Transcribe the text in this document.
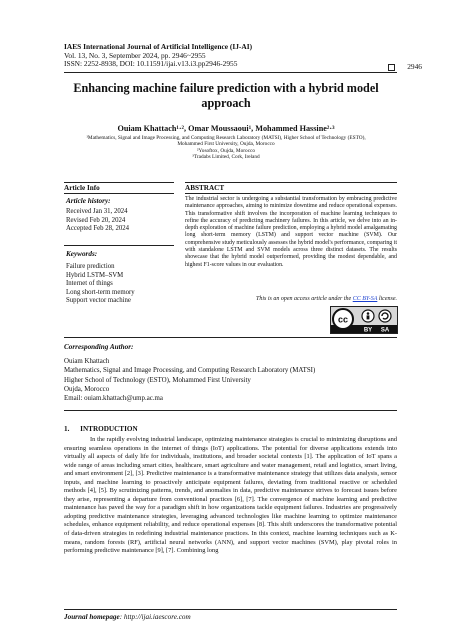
IAES International Journal of Artificial Intelligence (IJ-AI)
Vol. 13, No. 3, September 2024, pp. 2946~2955
ISSN: 2252-8938, DOI: 10.11591/ijai.v13.i3.pp2946-2955	2946
Enhancing machine failure prediction with a hybrid model
approach
Ouiam Khattach¹·², Omar Moussaoui¹, Mohammed Hassine²·³
¹Mathematics, Signal and Image Processing, and Computing Research Laboratory (MATSI), Higher School of Technology (ESTO),
Mohammed First University, Oujda, Morocco
²Yosoftox, Oujda, Morocco
³Tradabs Limited, Cork, Ireland
Article Info	ABSTRACT
Article history:
Received Jan 31, 2024
Revised Feb 20, 2024
Accepted Feb 28, 2024
Keywords:
Failure prediction
Hybrid LSTM–SVM
Internet of things
Long short-term memory
Support vector machine
The industrial sector is undergoing a substantial transformation by embracing predictive maintenance approaches, aiming to minimize downtime and reduce operational expenses. This transformative shift involves the incorporation of machine learning techniques to refine the accuracy of predicting machinery failures. In this article, we delve into an in-depth exploration of machine failure prediction, employing a hybrid model amalgamating long short-term memory (LSTM) and support vector machine (SVM). Our comprehensive study meticulously assesses the hybrid model's performance, comparing it with standalone LSTM and SVM models across three distinct datasets. The results showcase that the hybrid model outperformed, providing the modest dependable, and highest F1-score values in our evaluation.
This is an open access article under the CC BY-SA license.
cc
BY SA
Corresponding Author:
Ouiam Khattach
Mathematics, Signal and Image Processing, and Computing Research Laboratory (MATSI)
Higher School of Technology (ESTO), Mohammed First University
Oujda, Morocco
Email: ouiam.khattach@ump.ac.ma
1.      INTRODUCTION

In the rapidly evolving industrial landscape, optimizing maintenance strategies is crucial to minimizing disruptions and ensuring seamless operations in the internet of things (IoT) applications. The potential for diverse applications extends into virtually all aspects of daily life for individuals, institutions, and broader societal contexts [1]. The application of IoT spans a wide range of areas including smart cities, healthcare, smart agriculture and water management, retail and logistics, smart living, and smart environment [2], [3]. Predictive maintenance is a transformative maintenance strategy that utilizes data analysis, sensor inputs, and machine learning to proactively anticipate equipment failures, deviating from traditional reactive or scheduled methods [4], [5]. By scrutinizing patterns, trends, and anomalies in data, predictive maintenance strives to forecast issues before they arise, representing a departure from conventional practices [6], [7]. The convergence of machine learning and predictive maintenance has paved the way for a paradigm shift in how organizations tackle equipment failures. Industries are progressively adopting predictive maintenance strategies, leveraging advanced technologies like machine learning to optimize maintenance schedules, enhance equipment reliability, and reduce operational expenses [8]. This shift underscores the transformative potential of data-driven strategies in redefining industrial maintenance practices. In this context, machine learning techniques such as K-means, random forests (RF), artificial neural networks (ANN), and support vector machines (SVM), play pivotal roles in performing predictive maintenance [9], [7]. Combining long

Journal homepage: http://ijai.iaescore.com
